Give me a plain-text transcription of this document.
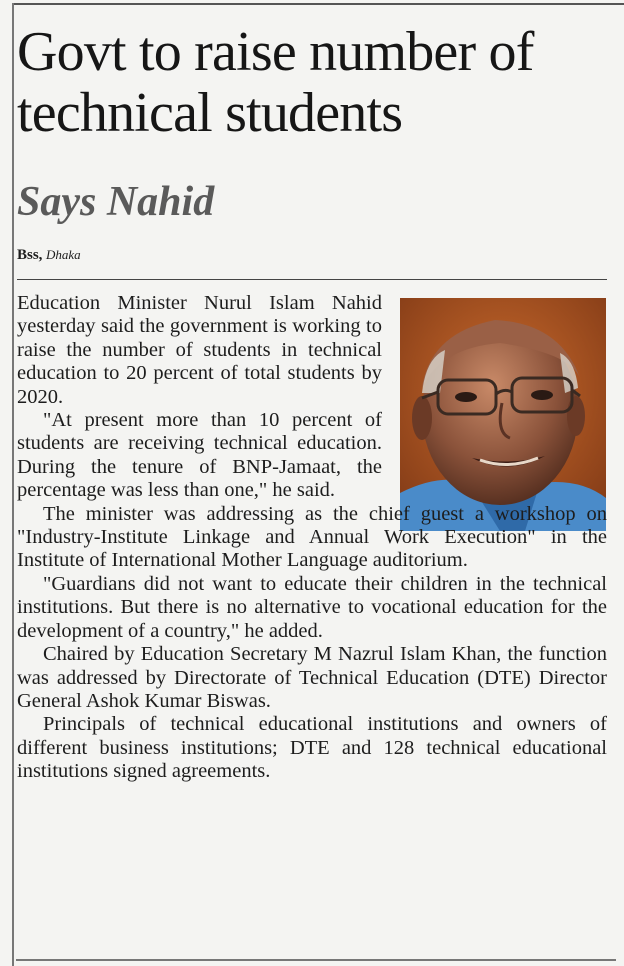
Govt to raise number of technical students
Says Nahid
Bss, Dhaka

Education Minister Nurul Islam Nahid yesterday said the government is working to raise the number of students in technical education to 20 percent of total students by 2020.

"At present more than 10 percent of students are receiving technical education. During the tenure of BNP-Jamaat, the percentage was less than one," he said.

The minister was addressing as the chief guest a workshop on "Industry-Institute Linkage and Annual Work Execution" in the Institute of International Mother Language auditorium.

"Guardians did not want to educate their children in the technical institutions. But there is no alternative to vocational education for the development of a country," he added.

Chaired by Education Secretary M Nazrul Islam Khan, the function was addressed by Directorate of Technical Education (DTE) Director General Ashok Kumar Biswas.

Principals of technical educational institutions and owners of different business institutions; DTE and 128 technical educational institutions signed agreements.
